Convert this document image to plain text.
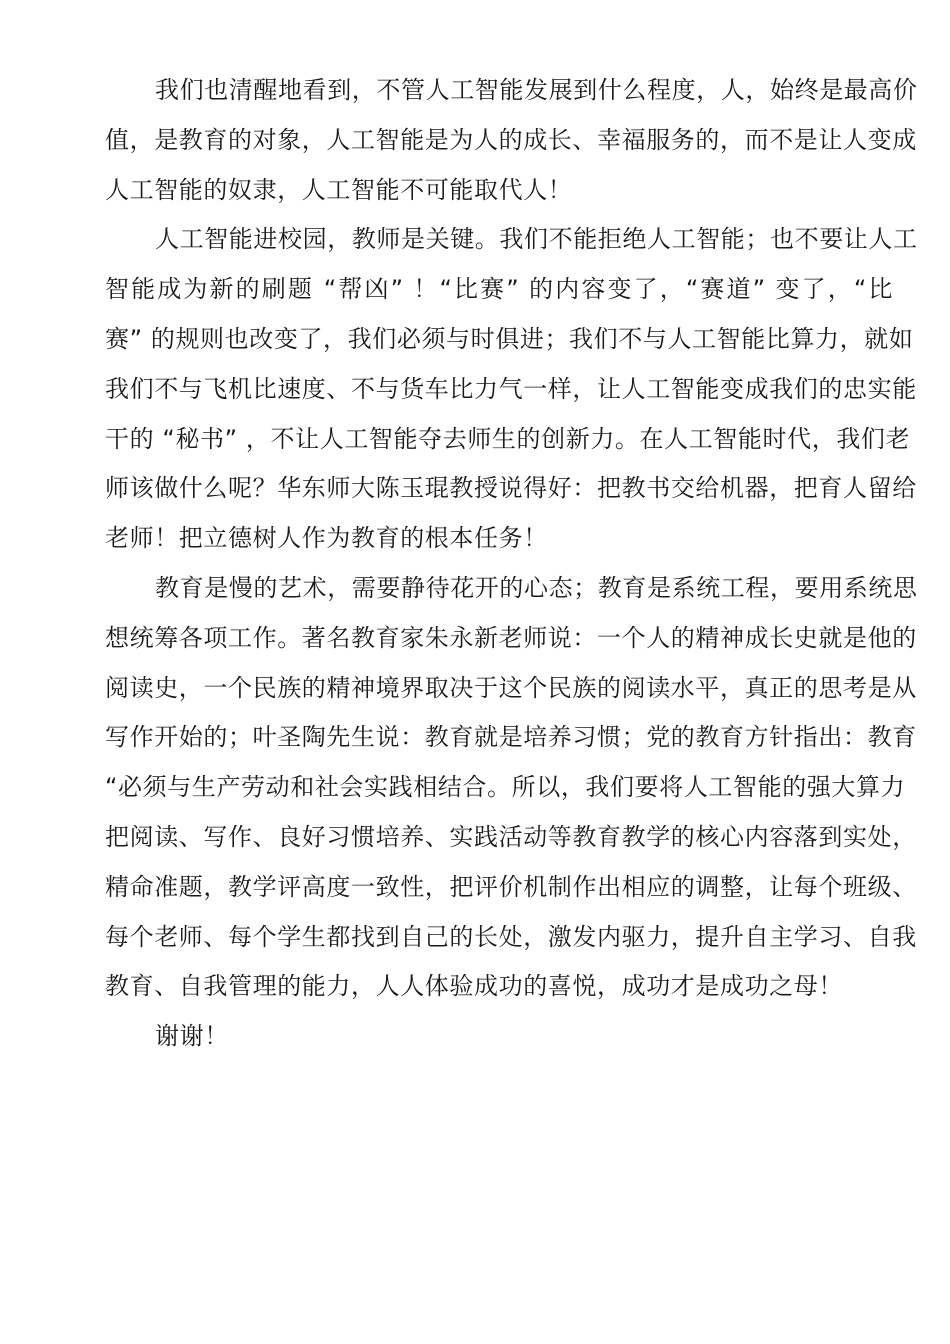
我们也清醒地看到，不管人工智能发展到什么程度，人，始终是最高价
值，是教育的对象，人工智能是为人的成长、幸福服务的，而不是让人变成
人工智能的奴隶，人工智能不可能取代人！
人工智能进校园，教师是关键。我们不能拒绝人工智能；也不要让人工
智能成为新的刷题 “帮凶” ！“比赛” 的内容变了，“赛道” 变了，“比
赛” 的规则也改变了，我们必须与时俱进；我们不与人工智能比算力，就如
我们不与飞机比速度、不与货车比力气一样，让人工智能变成我们的忠实能
干的 “秘书” ，不让人工智能夺去师生的创新力。在人工智能时代，我们老
师该做什么呢？华东师大陈玉琨教授说得好：把教书交给机器，把育人留给
老师！把立德树人作为教育的根本任务！
教育是慢的艺术，需要静待花开的心态；教育是系统工程，要用系统思
想统筹各项工作。著名教育家朱永新老师说：一个人的精神成长史就是他的
阅读史，一个民族的精神境界取决于这个民族的阅读水平，真正的思考是从
写作开始的；叶圣陶先生说：教育就是培养习惯；党的教育方针指出：教育
“必须与生产劳动和社会实践相结合。所以，我们要将人工智能的强大算力
把阅读、写作、良好习惯培养、实践活动等教育教学的核心内容落到实处，
精命准题，教学评高度一致性，把评价机制作出相应的调整，让每个班级、
每个老师、每个学生都找到自己的长处，激发内驱力，提升自主学习、自我
教育、自我管理的能力，人人体验成功的喜悦，成功才是成功之母！
谢谢！
